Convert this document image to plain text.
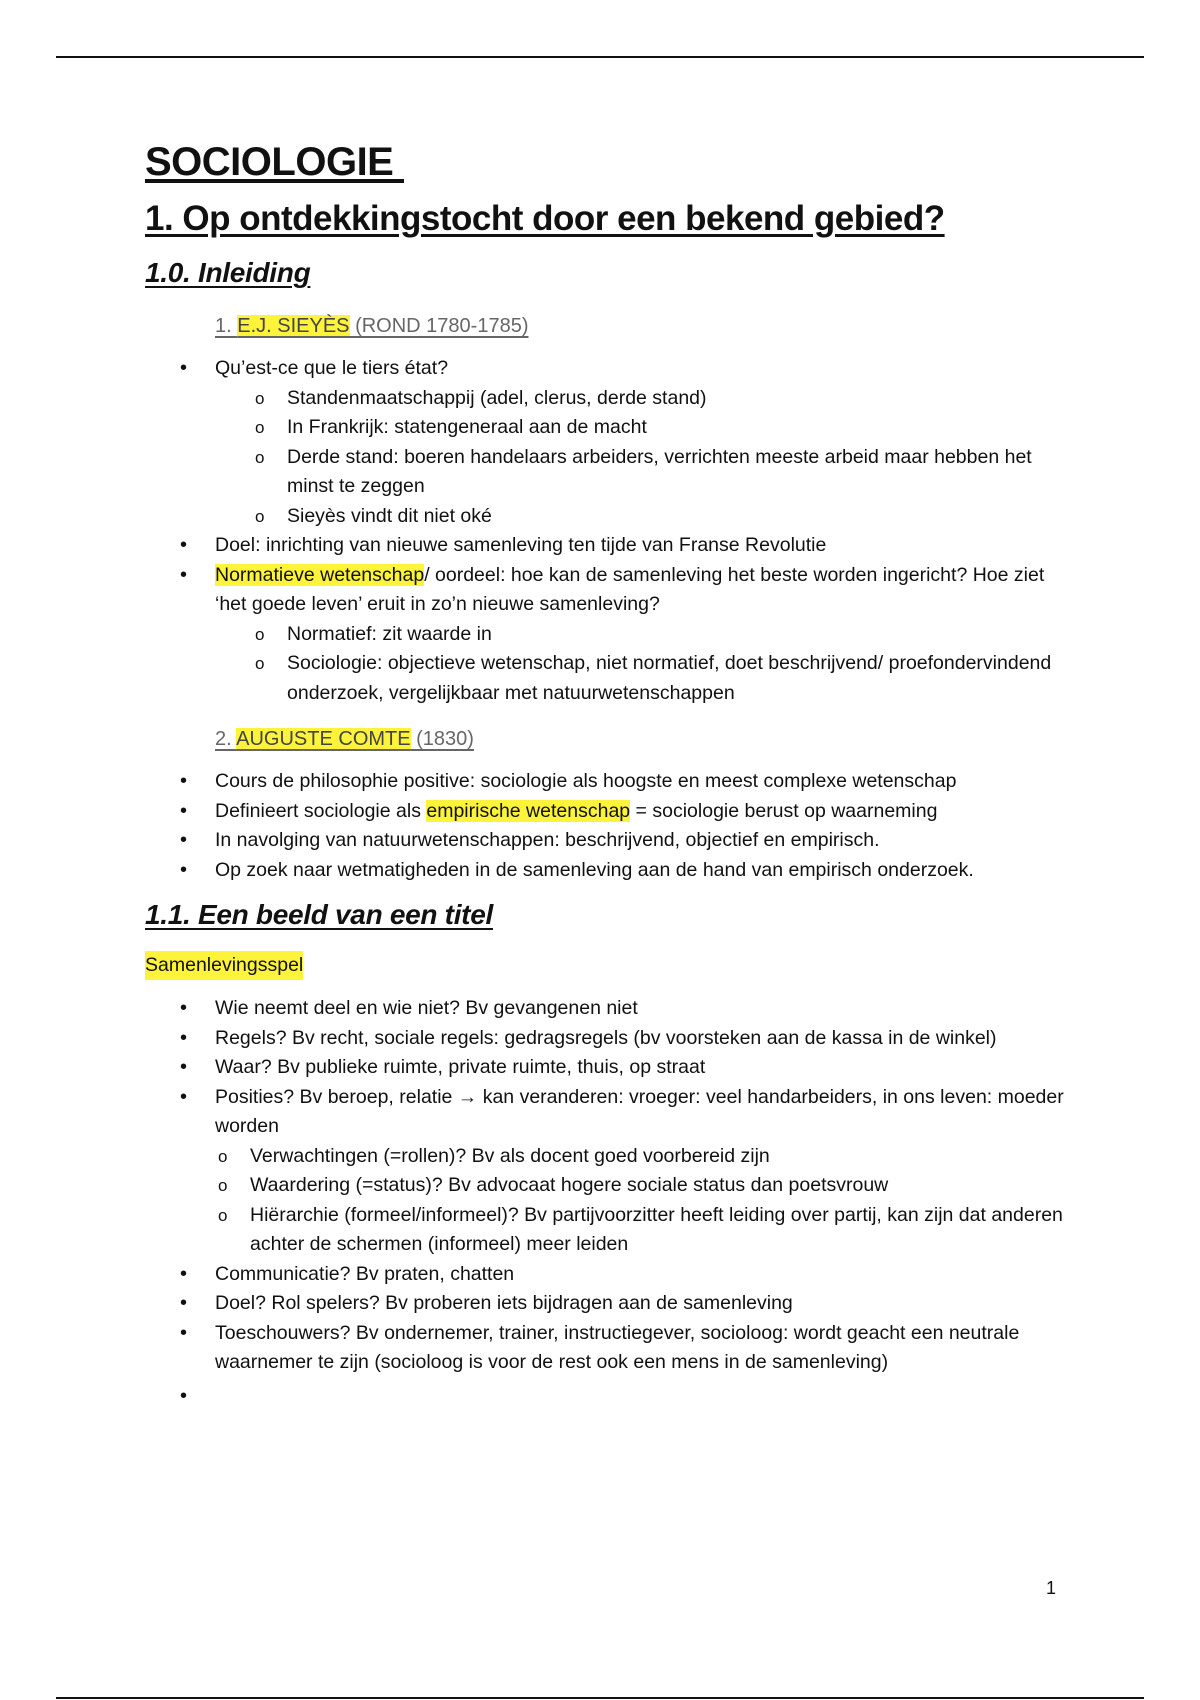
SOCIOLOGIE
1. Op ontdekkingstocht door een bekend gebied?
1.0. Inleiding
1. E.J. SIEYÈS (ROND 1780-1785)
• Qu’est-ce que le tiers état?
o Standenmaatschappij (adel, clerus, derde stand)
o In Frankrijk: statengeneraal aan de macht
o Derde stand: boeren handelaars arbeiders, verrichten meeste arbeid maar hebben het minst te zeggen
o Sieyès vindt dit niet oké
• Doel: inrichting van nieuwe samenleving ten tijde van Franse Revolutie
• Normatieve wetenschap/ oordeel: hoe kan de samenleving het beste worden ingericht? Hoe ziet ‘het goede leven’ eruit in zo’n nieuwe samenleving?
o Normatief: zit waarde in
o Sociologie: objectieve wetenschap, niet normatief, doet beschrijvend/ proefondervindend onderzoek, vergelijkbaar met natuurwetenschappen
2. AUGUSTE COMTE (1830)
• Cours de philosophie positive: sociologie als hoogste en meest complexe wetenschap
• Definieert sociologie als empirische wetenschap = sociologie berust op waarneming
• In navolging van natuurwetenschappen: beschrijvend, objectief en empirisch.
• Op zoek naar wetmatigheden in de samenleving aan de hand van empirisch onderzoek.
1.1. Een beeld van een titel
Samenlevingsspel
• Wie neemt deel en wie niet? Bv gevangenen niet
• Regels? Bv recht, sociale regels: gedragsregels (bv voorsteken aan de kassa in de winkel)
• Waar? Bv publieke ruimte, private ruimte, thuis, op straat
• Posities? Bv beroep, relatie → kan veranderen: vroeger: veel handarbeiders, in ons leven: moeder worden
o Verwachtingen (=rollen)? Bv als docent goed voorbereid zijn
o Waardering (=status)? Bv advocaat hogere sociale status dan poetsvrouw
o Hiërarchie (formeel/informeel)? Bv partijvoorzitter heeft leiding over partij, kan zijn dat anderen achter de schermen (informeel) meer leiden
• Communicatie? Bv praten, chatten
• Doel? Rol spelers? Bv proberen iets bijdragen aan de samenleving
• Toeschouwers? Bv ondernemer, trainer, instructiegever, socioloog: wordt geacht een neutrale waarnemer te zijn (socioloog is voor de rest ook een mens in de samenleving)
•
1
